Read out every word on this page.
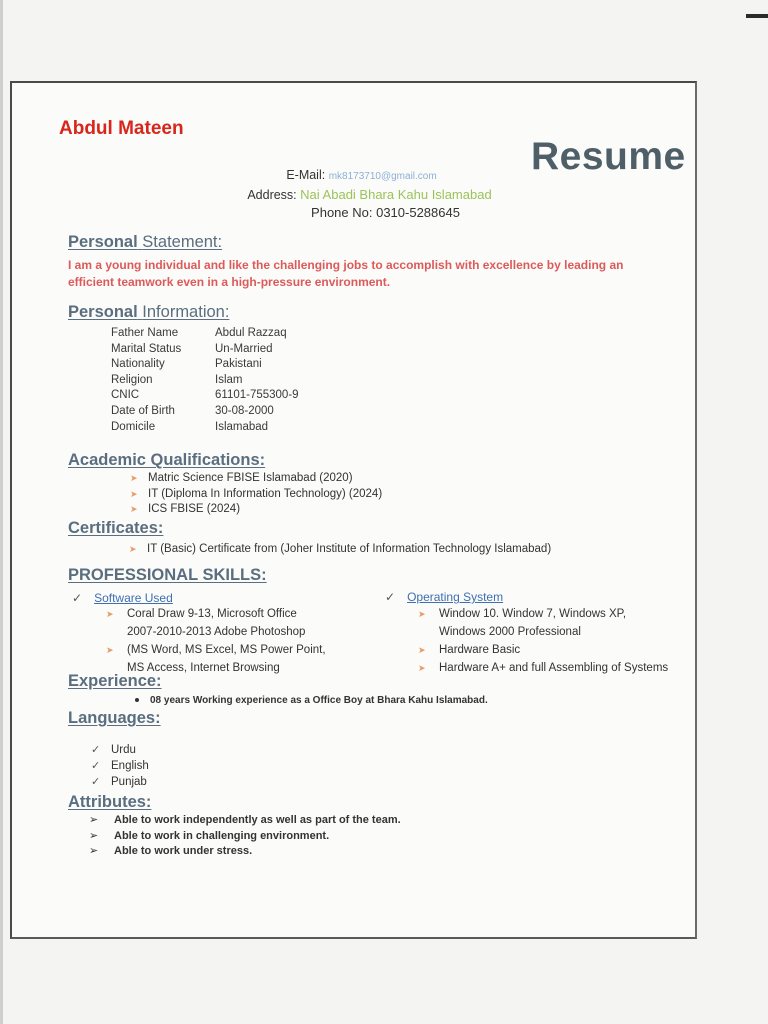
Abdul Mateen
Resume
E-Mail: mk8173710@gmail.com
Address: Nai Abadi Bhara Kahu Islamabad
Phone No: 0310-5288645
Personal Statement:

I am a young individual and like the challenging jobs to accomplish with excellence by leading an efficient teamwork even in a high-pressure environment.

Personal Information:
Father Name	Abdul Razzaq
Marital Status	Un-Married
Nationality	Pakistani
Religion	Islam
CNIC	61101-755300-9
Date of Birth	30-08-2000
Domicile	Islamabad
Academic Qualifications:
➤ Matric Science FBISE Islamabad (2020)
➤ IT (Diploma In Information Technology) (2024)
➤ ICS FBISE (2024)
Certificates:
➤ IT (Basic) Certificate from (Joher Institute of Information Technology Islamabad)
PROFESSIONAL SKILLS:
✓ Software Used
➤ Coral Draw 9-13, Microsoft Office
2007-2010-2013 Adobe Photoshop
➤ (MS Word, MS Excel, MS Power Point,
MS Access, Internet Browsing
✓ Operating System
➤ Window 10. Window 7, Windows XP,
Windows 2000 Professional
➤ Hardware Basic
➤ Hardware A+ and full Assembling of Systems
Experience:

08 years Working experience as a Office Boy at Bhara Kahu Islamabad.

Languages:
✓ Urdu
✓ English
✓ Punjab
Attributes:
➢ Able to work independently as well as part of the team.
➢ Able to work in challenging environment.
➢ Able to work under stress.
